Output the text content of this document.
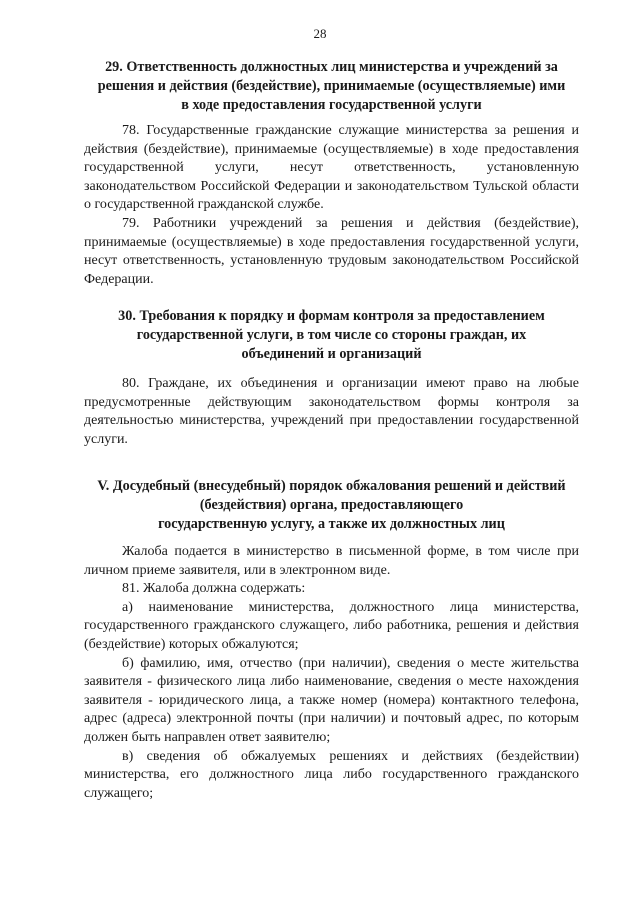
28
29. Ответственность должностных лиц министерства и учреждений за
решения и действия (бездействие), принимаемые (осуществляемые) ими
в ходе предоставления государственной услуги

78. Государственные гражданские служащие министерства за решения и действия (бездействие), принимаемые (осуществляемые) в ходе предоставления государственной услуги, несут ответственность, установленную законодательством Российской Федерации и законодательством Тульской области о государственной гражданской службе.

79. Работники учреждений за решения и действия (бездействие), принимаемые (осуществляемые) в ходе предоставления государственной услуги, несут ответственность, установленную трудовым законодательством Российской Федерации.

30. Требования к порядку и формам контроля за предоставлением
государственной услуги, в том числе со стороны граждан, их
объединений и организаций

80. Граждане, их объединения и организации имеют право на любые предусмотренные действующим законодательством формы контроля за деятельностью министерства, учреждений при предоставлении государственной услуги.

V. Досудебный (внесудебный) порядок обжалования решений и действий
(бездействия) органа, предоставляющего
государственную услугу, а также их должностных лиц

Жалоба подается в министерство в письменной форме, в том числе при личном приеме заявителя, или в электронном виде.

81. Жалоба должна содержать:

а) наименование министерства, должностного лица министерства, государственного гражданского служащего, либо работника, решения и действия (бездействие) которых обжалуются;

б) фамилию, имя, отчество (при наличии), сведения о месте жительства заявителя - физического лица либо наименование, сведения о месте нахождения заявителя - юридического лица, а также номер (номера) контактного телефона, адрес (адреса) электронной почты (при наличии) и почтовый адрес, по которым должен быть направлен ответ заявителю;

в) сведения об обжалуемых решениях и действиях (бездействии) министерства, его должностного лица либо государственного гражданского служащего;
